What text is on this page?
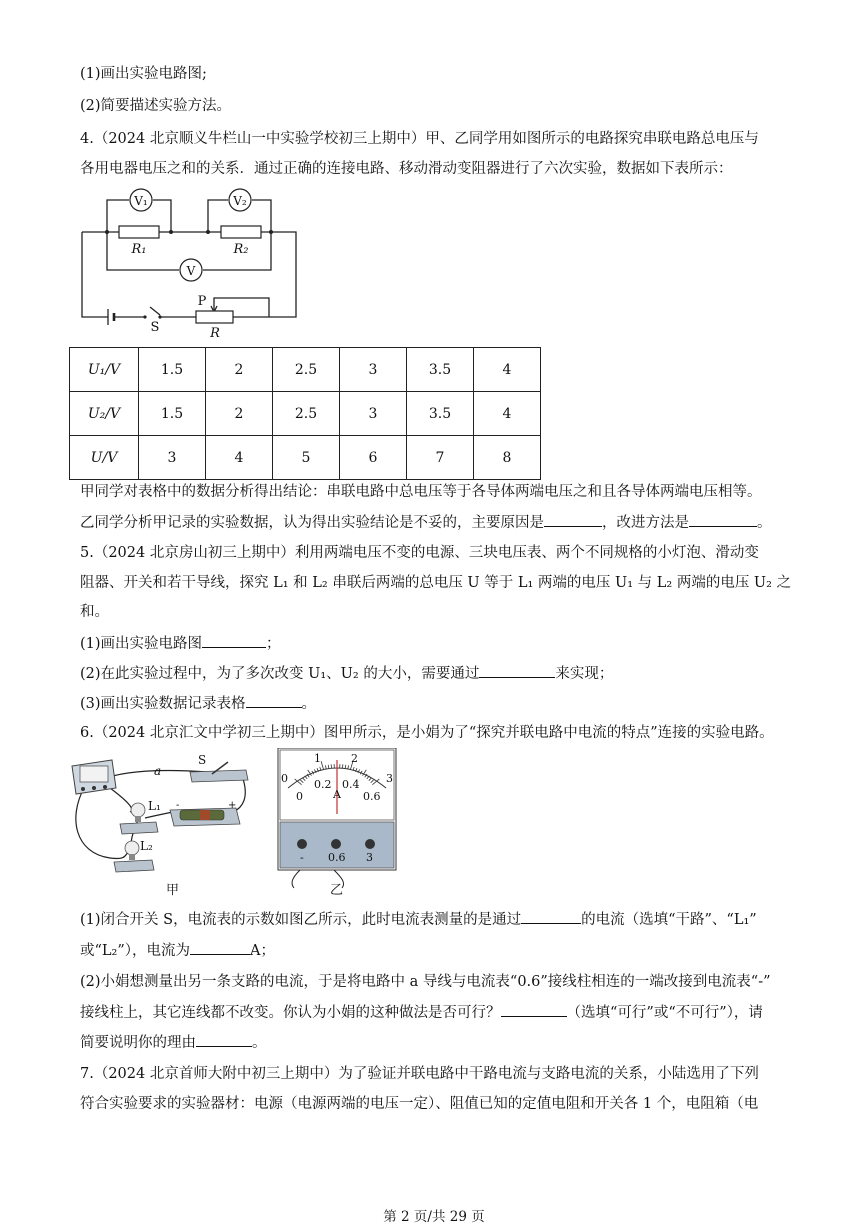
(1)画出实验电路图;
(2)简要描述实验方法。
4.（2024 北京顺义牛栏山一中实验学校初三上期中）甲、乙同学用如图所示的电路探究串联电路总电压与
各用电器电压之和的关系．通过正确的连接电路、移动滑动变阻器进行了六次实验，数据如下表所示：
V₁	V₂
V
R₁	R₂
S
P
R
U₁/V	1.5	2	2.5	3	3.5	4
U₂/V	1.5	2	2.5	3	3.5	4
U/V	3	4	5	6	7	8
甲同学对表格中的数据分析得出结论：串联电路中总电压等于各导体两端电压之和且各导体两端电压相等。
乙同学分析甲记录的实验数据，认为得出实验结论是不妥的，主要原因是	，改进方法是	。
5.（2024 北京房山初三上期中）利用两端电压不变的电源、三块电压表、两个不同规格的小灯泡、滑动变
阻器、开关和若干导线，探究 L₁ 和 L₂ 串联后两端的总电压 U 等于 L₁ 两端的电压 U₁ 与 L₂ 两端的电压 U₂ 之
和。
(1)画出实验电路图	；
(2)在此实验过程中，为了多次改变 U₁、U₂ 的大小，需要通过	来实现；
(3)画出实验数据记录表格	。
6.（2024 北京汇文中学初三上期中）图甲所示，是小娟为了“探究并联电路中电流的特点”连接的实验电路。
-	+
a
S
L₁
L₂
甲
0
1	2
3
0
0.2 0.4
0.6
A
- 0.6 3
乙
(1)闭合开关 S，电流表的示数如图乙所示，此时电流表测量的是通过	的电流（选填“干路”、“L₁”
或“L₂”），电流为	A；
(2)小娟想测量出另一条支路的电流，于是将电路中 a 导线与电流表“0.6”接线柱相连的一端改接到电流表“-”
接线柱上，其它连线都不改变。你认为小娟的这种做法是否可行？	（选填“可行”或“不可行”），请
简要说明你的理由	。
7.（2024 北京首师大附中初三上期中）为了验证并联电路中干路电流与支路电流的关系，小陆选用了下列
符合实验要求的实验器材：电源（电源两端的电压一定）、阻值已知的定值电阻和开关各 1 个，电阻箱（电
第 2 页/共 29 页
